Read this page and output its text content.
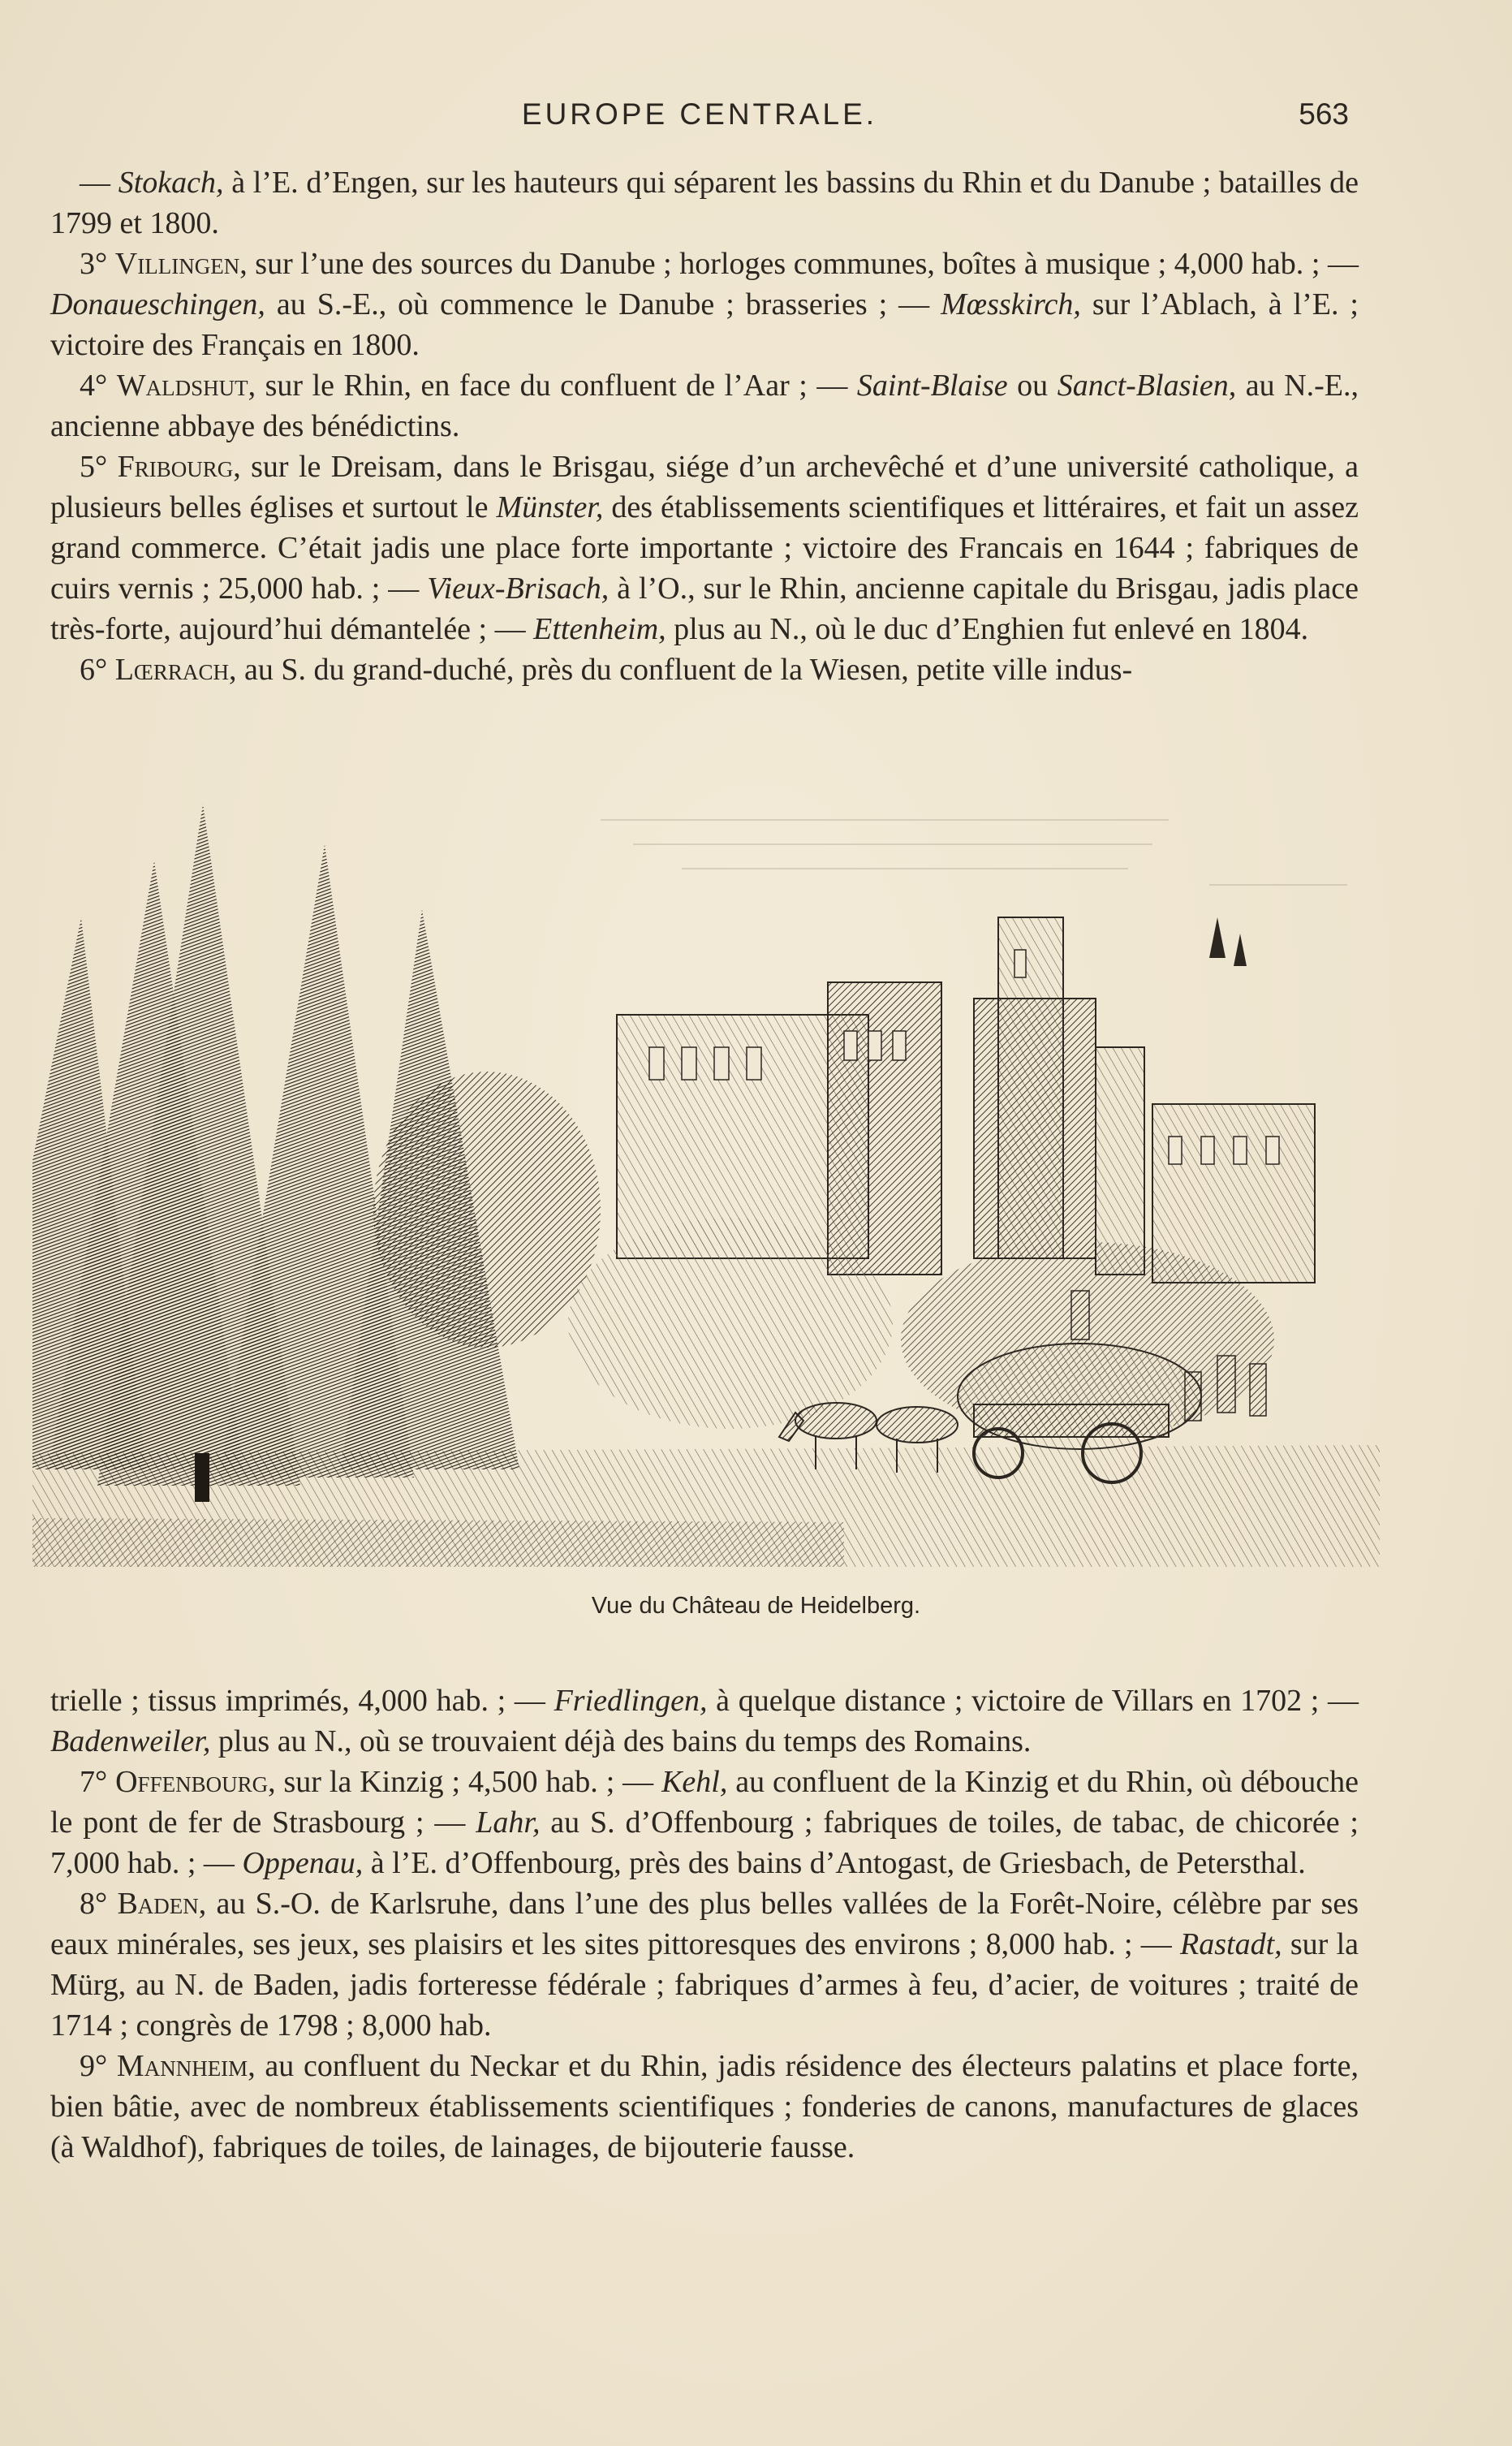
EUROPE CENTRALE.	563

— Stokach, à l’E. d’Engen, sur les hauteurs qui séparent les bassins du Rhin et du Danube ; batailles de 1799 et 1800.

3° Villingen, sur l’une des sources du Danube ; horloges communes, boîtes à musique ; 4,000 hab. ; — Donaueschingen, au S.-E., où commence le Danube ; brasseries ; — Mœsskirch, sur l’Ablach, à l’E. ; victoire des Français en 1800.

4° Waldshut, sur le Rhin, en face du confluent de l’Aar ; — Saint-Blaise ou Sanct-Blasien, au N.-E., ancienne abbaye des bénédictins.

5° Fribourg, sur le Dreisam, dans le Brisgau, siége d’un archevêché et d’une université catholique, a plusieurs belles églises et surtout le Münster, des établissements scientifiques et littéraires, et fait un assez grand commerce. C’était jadis une place forte importante ; victoire des Francais en 1644 ; fabriques de cuirs vernis ; 25,000 hab. ; — Vieux-Brisach, à l’O., sur le Rhin, ancienne capitale du Brisgau, jadis place très-forte, aujourd’hui démantelée ; — Ettenheim, plus au N., où le duc d’Enghien fut enlevé en 1804.

6° Lœrrach, au S. du grand-duché, près du confluent de la Wiesen, petite ville indus-

Vue du Château de Heidelberg.

trielle ; tissus imprimés, 4,000 hab. ; — Friedlingen, à quelque distance ; victoire de Villars en 1702 ; — Badenweiler, plus au N., où se trouvaient déjà des bains du temps des Romains.

7° Offenbourg, sur la Kinzig ; 4,500 hab. ; — Kehl, au confluent de la Kinzig et du Rhin, où débouche le pont de fer de Strasbourg ; — Lahr, au S. d’Offenbourg ; fabriques de toiles, de tabac, de chicorée ; 7,000 hab. ; — Oppenau, à l’E. d’Offenbourg, près des bains d’Antogast, de Griesbach, de Petersthal.

8° Baden, au S.-O. de Karlsruhe, dans l’une des plus belles vallées de la Forêt-Noire, célèbre par ses eaux minérales, ses jeux, ses plaisirs et les sites pittoresques des environs ; 8,000 hab. ; — Rastadt, sur la Mürg, au N. de Baden, jadis forteresse fédérale ; fabriques d’armes à feu, d’acier, de voitures ; traité de 1714 ; congrès de 1798 ; 8,000 hab.

9° Mannheim, au confluent du Neckar et du Rhin, jadis résidence des électeurs palatins et place forte, bien bâtie, avec de nombreux établissements scientifiques ; fonderies de canons, manufactures de glaces (à Waldhof), fabriques de toiles, de lainages, de bijouterie fausse.
